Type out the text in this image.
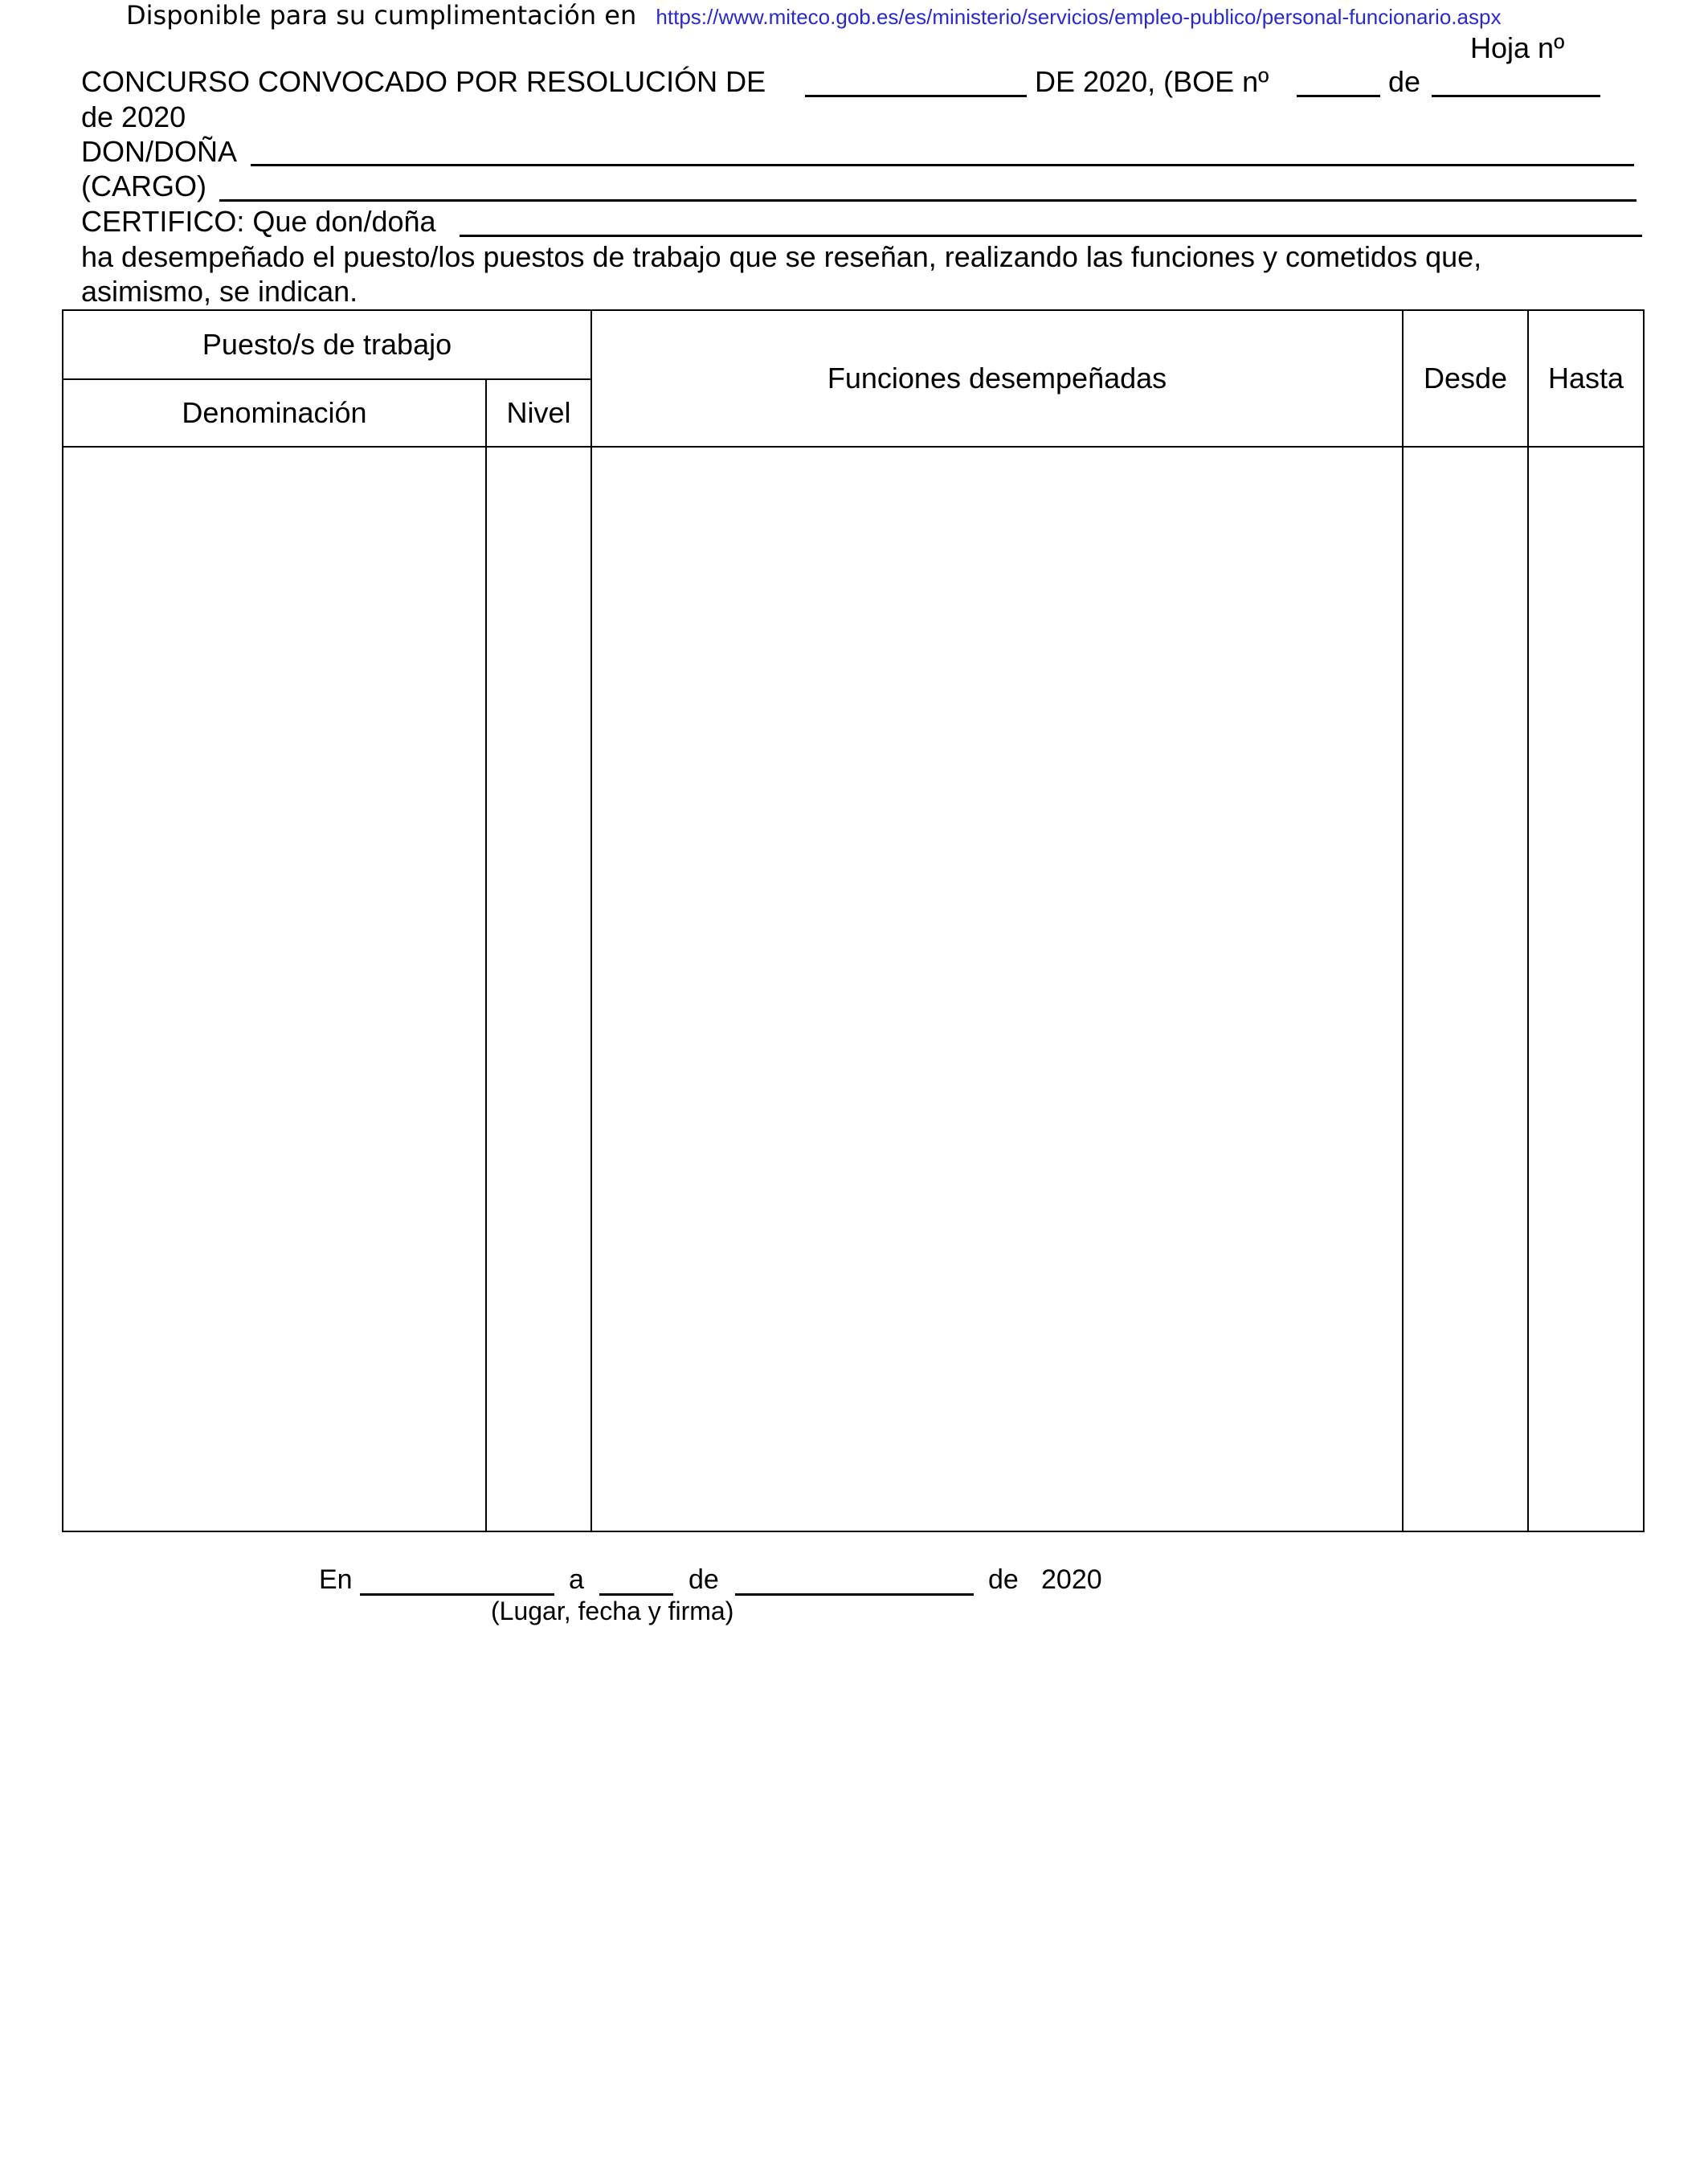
Disponible para su cumplimentación en https://www.miteco.gob.es/es/ministerio/servicios/empleo-publico/personal-funcionario.aspx
Hoja nº
CONCURSO CONVOCADO POR RESOLUCIÓN DE	DE 2020, (BOE nº	de
de 2020
DON/DOÑA
(CARGO)
CERTIFICO: Que don/doña
ha desempeñado el puesto/los puestos de trabajo que se reseñan, realizando las funciones y cometidos que,
asimismo, se indican.
Puesto/s de trabajo		Funciones desempeñadas	Desde	Hasta
Denominación	Nivel			

En	a	de	de 2020
(Lugar, fecha y firma)
